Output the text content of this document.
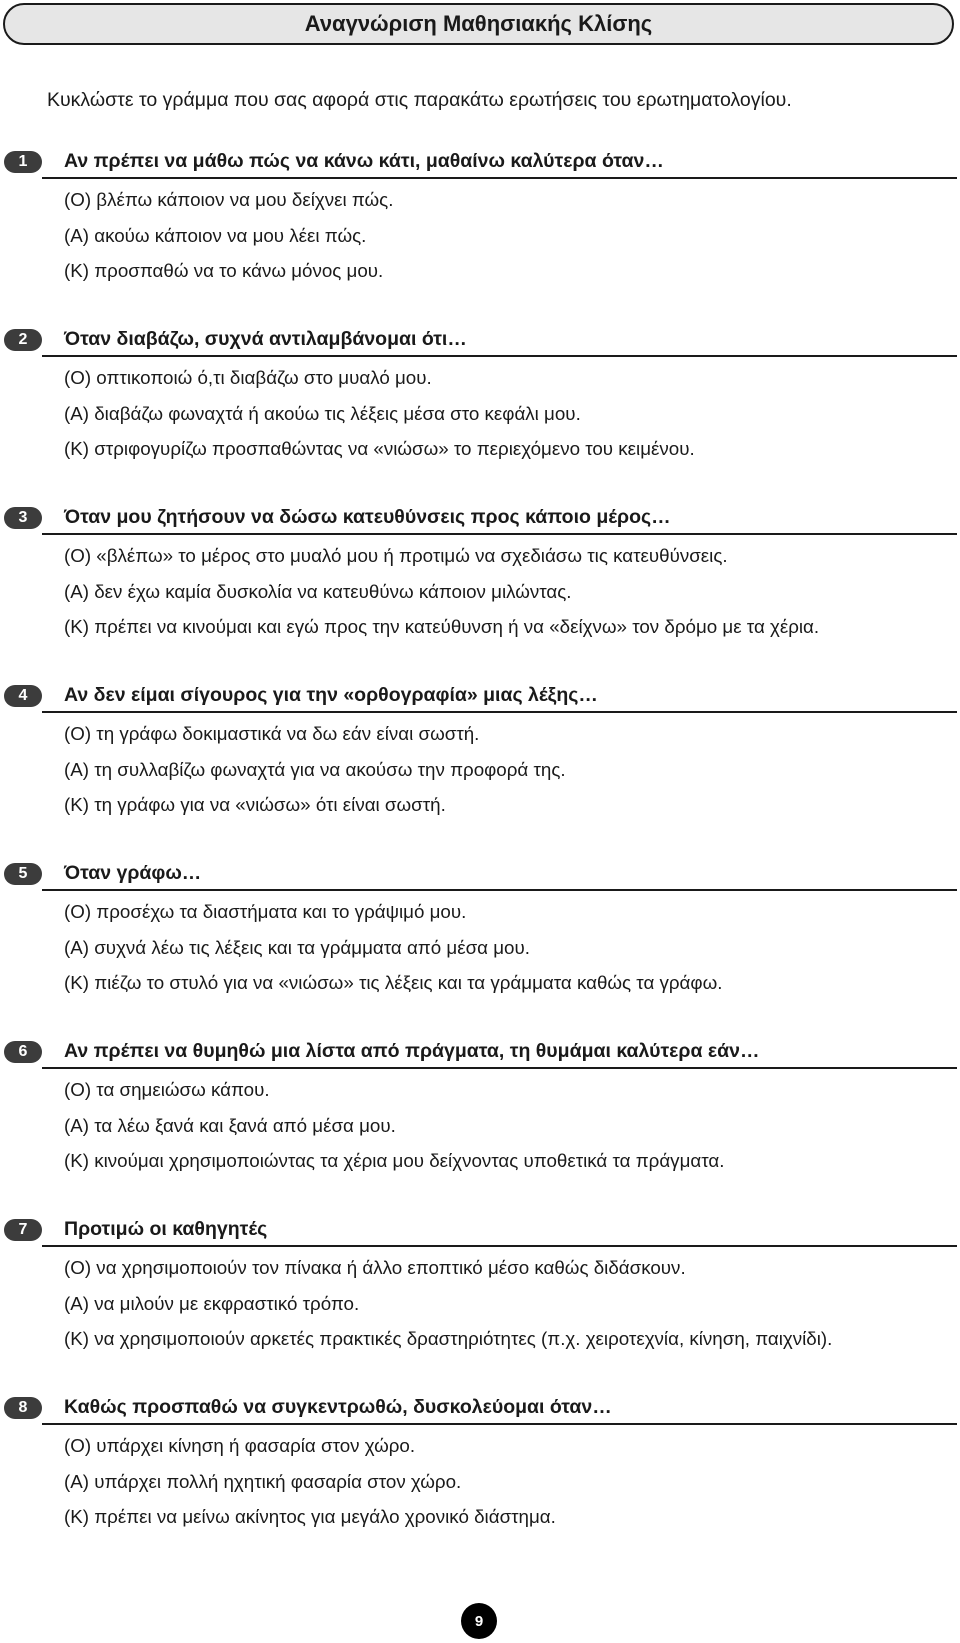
Αναγνώριση Μαθησιακής Κλίσης
Κυκλώστε το γράμμα που σας αφορά στις παρακάτω ερωτήσεις του ερωτηματολογίου.
1	Αν πρέπει να μάθω πώς να κάνω κάτι, μαθαίνω καλύτερα όταν…
(Ο) βλέπω κάποιον να μου δείχνει πώς.
(Α) ακούω κάποιον να μου λέει πώς.
(Κ) προσπαθώ να το κάνω μόνος μου.
2	Όταν διαβάζω, συχνά αντιλαμβάνομαι ότι…
(Ο) οπτικοποιώ ό,τι διαβάζω στο μυαλό μου.
(Α) διαβάζω φωναχτά ή ακούω τις λέξεις μέσα στο κεφάλι μου.
(Κ) στριφογυρίζω προσπαθώντας να «νιώσω» το περιεχόμενο του κειμένου.
3	Όταν μου ζητήσουν να δώσω κατευθύνσεις προς κάποιο μέρος…
(Ο) «βλέπω» το μέρος στο μυαλό μου ή προτιμώ να σχεδιάσω τις κατευθύνσεις.
(Α) δεν έχω καμία δυσκολία να κατευθύνω κάποιον μιλώντας.
(Κ) πρέπει να κινούμαι και εγώ προς την κατεύθυνση ή να «δείχνω» τον δρόμο με τα χέρια.
4	Αν δεν είμαι σίγουρος για την «ορθογραφία» μιας λέξης…
(Ο) τη γράφω δοκιμαστικά να δω εάν είναι σωστή.
(Α) τη συλλαβίζω φωναχτά για να ακούσω την προφορά της.
(Κ) τη γράφω για να «νιώσω» ότι είναι σωστή.
5	Όταν γράφω…
(Ο) προσέχω τα διαστήματα και το γράψιμό μου.
(Α) συχνά λέω τις λέξεις και τα γράμματα από μέσα μου.
(Κ) πιέζω το στυλό για να «νιώσω» τις λέξεις και τα γράμματα καθώς τα γράφω.
6	Αν πρέπει να θυμηθώ μια λίστα από πράγματα, τη θυμάμαι καλύτερα εάν…
(Ο) τα σημειώσω κάπου.
(Α) τα λέω ξανά και ξανά από μέσα μου.
(Κ) κινούμαι χρησιμοποιώντας τα χέρια μου δείχνοντας υποθετικά τα πράγματα.
7	Προτιμώ οι καθηγητές
(Ο) να χρησιμοποιούν τον πίνακα ή άλλο εποπτικό μέσο καθώς διδάσκουν.
(Α) να μιλούν με εκφραστικό τρόπο.
(Κ) να χρησιμοποιούν αρκετές πρακτικές δραστηριότητες (π.χ. χειροτεχνία, κίνηση, παιχνίδι).
8	Καθώς προσπαθώ να συγκεντρωθώ, δυσκολεύομαι όταν…
(Ο) υπάρχει κίνηση ή φασαρία στον χώρο.
(Α) υπάρχει πολλή ηχητική φασαρία στον χώρο.
(Κ) πρέπει να μείνω ακίνητος για μεγάλο χρονικό διάστημα.
9
